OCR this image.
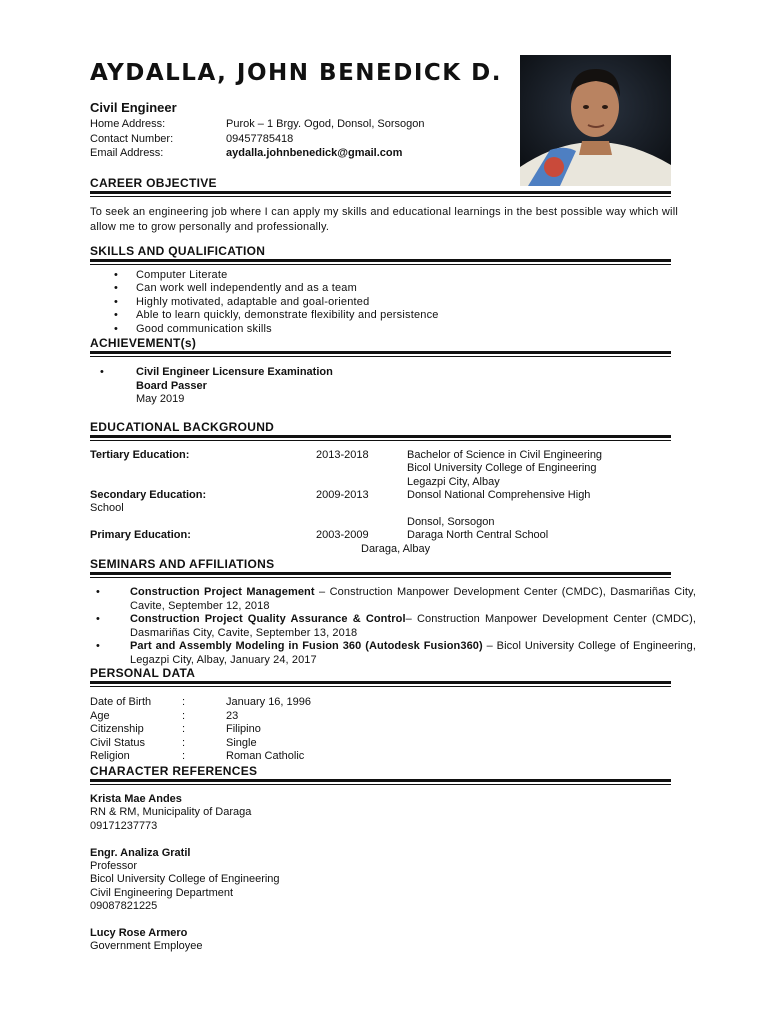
AYDALLA, JOHN BENEDICK D.
Civil Engineer
Home Address:	Purok – 1 Brgy. Ogod, Donsol, Sorsogon
Contact Number:	09457785418
Email Address:	aydalla.johnbenedick@gmail.com
CAREER OBJECTIVE
To seek an engineering job where I can apply my skills and educational learnings in the best possible way which will allow me to grow personally and professionally.
SKILLS AND QUALIFICATION
• Computer Literate
• Can work well independently and as a team
• Highly motivated, adaptable and goal-oriented
• Able to learn quickly, demonstrate flexibility and persistence
• Good communication skills
ACHIEVEMENT(s)
•	Civil Engineer Licensure Examination
Board Passer
May 2019
EDUCATIONAL BACKGROUND
Tertiary Education:	2013-2018	Bachelor of Science in Civil Engineering
Bicol University College of Engineering
Legazpi City, Albay
Secondary Education:	2009-2013	Donsol National Comprehensive High
School
Donsol, Sorsogon
Primary Education:	2003-2009	Daraga North Central School
Daraga, Albay
SEMINARS AND AFFILIATIONS
• Construction Project Management – Construction Manpower Development Center (CMDC), Dasmariñas City, Cavite, September 12, 2018
• Construction Project Quality Assurance & Control– Construction Manpower Development Center (CMDC), Dasmariñas City, Cavite, September 13, 2018
• Part and Assembly Modeling in Fusion 360 (Autodesk Fusion360) – Bicol University College of Engineering, Legazpi City, Albay, January 24, 2017
PERSONAL DATA
Date of Birth	:	January 16, 1996
Age	:	23
Citizenship	:	Filipino
Civil Status	:	Single
Religion	:	Roman Catholic
CHARACTER REFERENCES
Krista Mae Andes
RN & RM, Municipality of Daraga
09171237773
Engr. Analiza Gratil
Professor
Bicol University College of Engineering
Civil Engineering Department
09087821225
Lucy Rose Armero
Government Employee
